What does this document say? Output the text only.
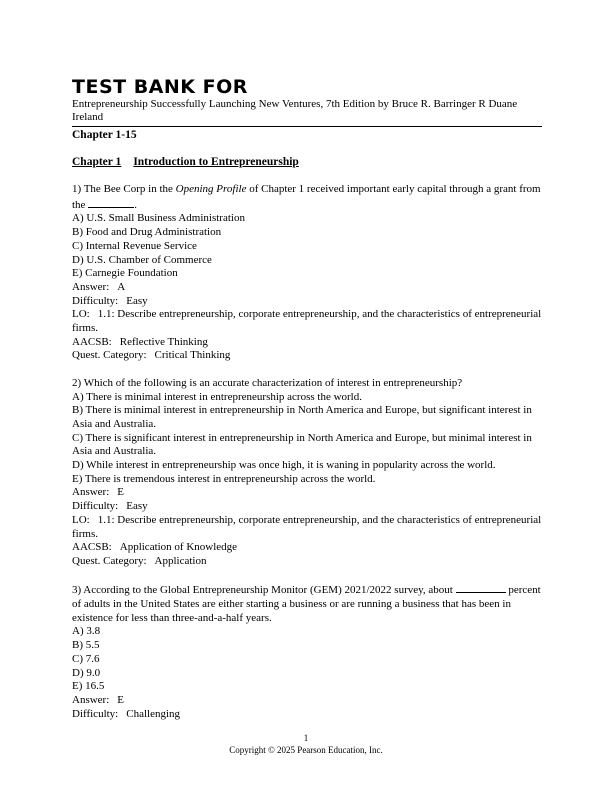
TEST BANK FOR
Entrepreneurship Successfully Launching New Ventures, 7th Edition by Bruce R. Barringer R Duane Ireland
Chapter 1-15
Chapter 1 Introduction to Entrepreneurship

1) The Bee Corp in the Opening Profile of Chapter 1 received important early capital through a grant from the	.

A) U.S. Small Business Administration

B) Food and Drug Administration

C) Internal Revenue Service

D) U.S. Chamber of Commerce

E) Carnegie Foundation

Answer: A

Difficulty: Easy

LO: 1.1: Describe entrepreneurship, corporate entrepreneurship, and the characteristics of entrepreneurial firms.

AACSB: Reflective Thinking

Quest. Category: Critical Thinking

2) Which of the following is an accurate characterization of interest in entrepreneurship?

A) There is minimal interest in entrepreneurship across the world.

B) There is minimal interest in entrepreneurship in North America and Europe, but significant interest in Asia and Australia.

C) There is significant interest in entrepreneurship in North America and Europe, but minimal interest in Asia and Australia.

D) While interest in entrepreneurship was once high, it is waning in popularity across the world.

E) There is tremendous interest in entrepreneurship across the world.

Answer: E

Difficulty: Easy

LO: 1.1: Describe entrepreneurship, corporate entrepreneurship, and the characteristics of entrepreneurial firms.

AACSB: Application of Knowledge

Quest. Category: Application

3) According to the Global Entrepreneurship Monitor (GEM) 2021/2022 survey, about	percent of adults in the United States are either starting a business or are running a business that has been in existence for less than three-and-a-half years.

A) 3.8

B) 5.5

C) 7.6

D) 9.0

E) 16.5

Answer: E

Difficulty: Challenging

1
Copyright © 2025 Pearson Education, Inc.
